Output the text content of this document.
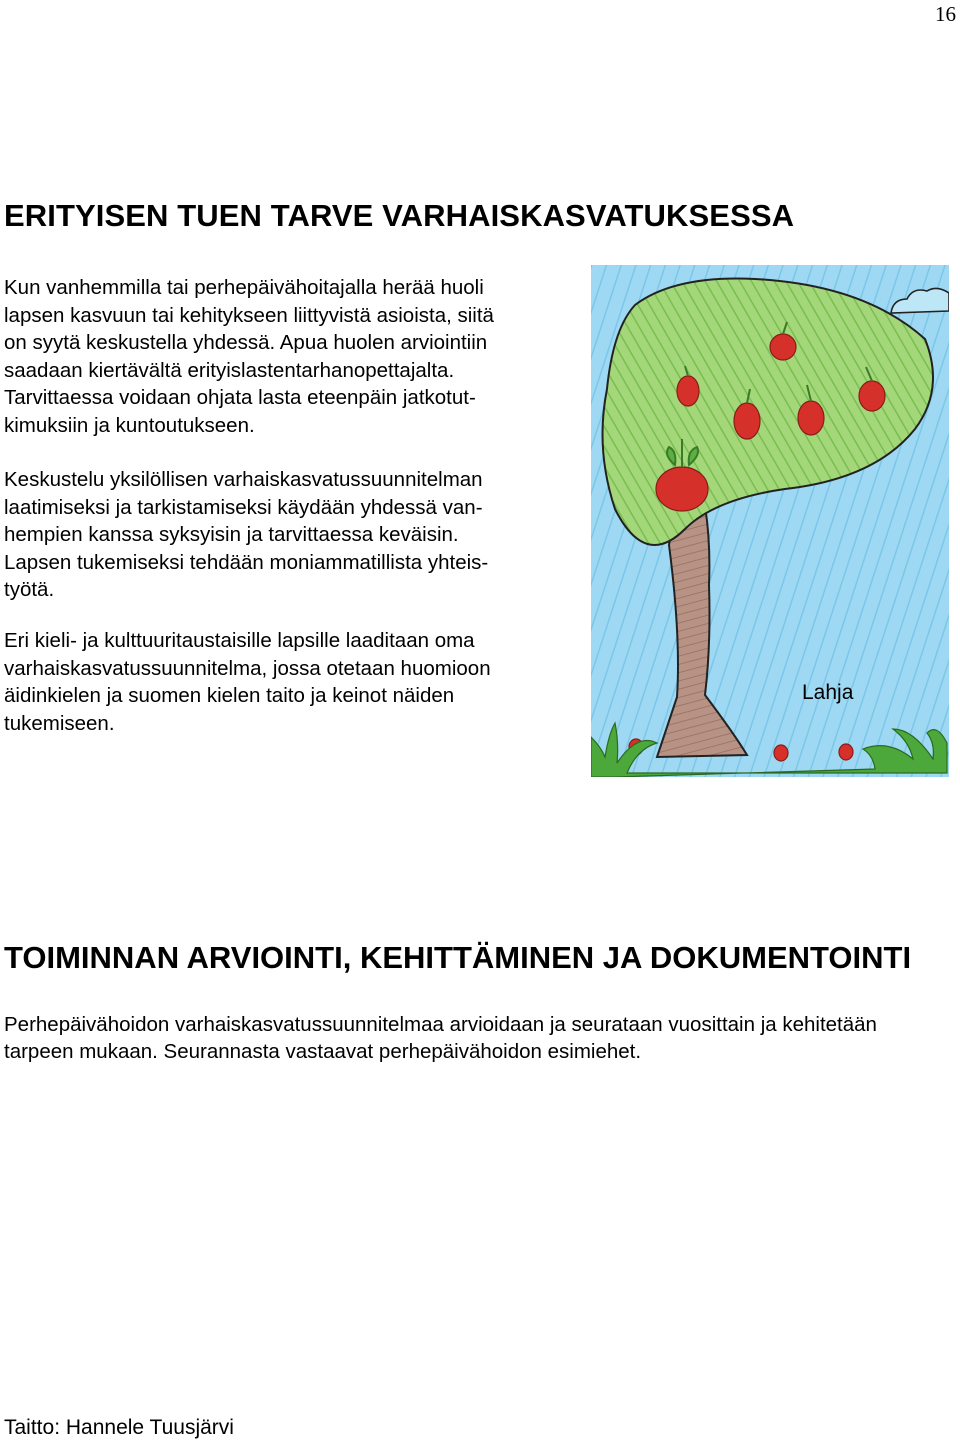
16
ERITYISEN TUEN TARVE VARHAISKASVATUKSESSA

Kun vanhemmilla tai perhepäivähoitajalla herää huoli
lapsen kasvuun tai kehitykseen liittyvistä asioista, siitä
on syytä keskustella yhdessä. Apua huolen arviointiin
saadaan kiertävältä erityislastentarhanopettajalta.
Tarvittaessa voidaan ohjata lasta eteenpäin jatkotut-
kimuksiin ja kuntoutukseen.

Keskustelu yksilöllisen varhaiskasvatussuunnitelman
laatimiseksi ja tarkistamiseksi käydään yhdessä van-
hempien kanssa syksyisin ja tarvittaessa keväisin.
Lapsen tukemiseksi tehdään moniammatillista yhteis-
työtä.

Eri kieli- ja kulttuuritaustaisille lapsille laaditaan oma
varhaiskasvatussuunnitelma, jossa otetaan huomioon
äidinkielen ja suomen kielen taito ja keinot näiden
tukemiseen.

Lahja
TOIMINNAN ARVIOINTI, KEHITTÄMINEN JA DOKUMENTOINTI

Perhepäivähoidon varhaiskasvatussuunnitelmaa arvioidaan ja seurataan vuosittain ja kehitetään
tarpeen mukaan. Seurannasta vastaavat perhepäivähoidon esimiehet.

Taitto: Hannele Tuusjärvi
